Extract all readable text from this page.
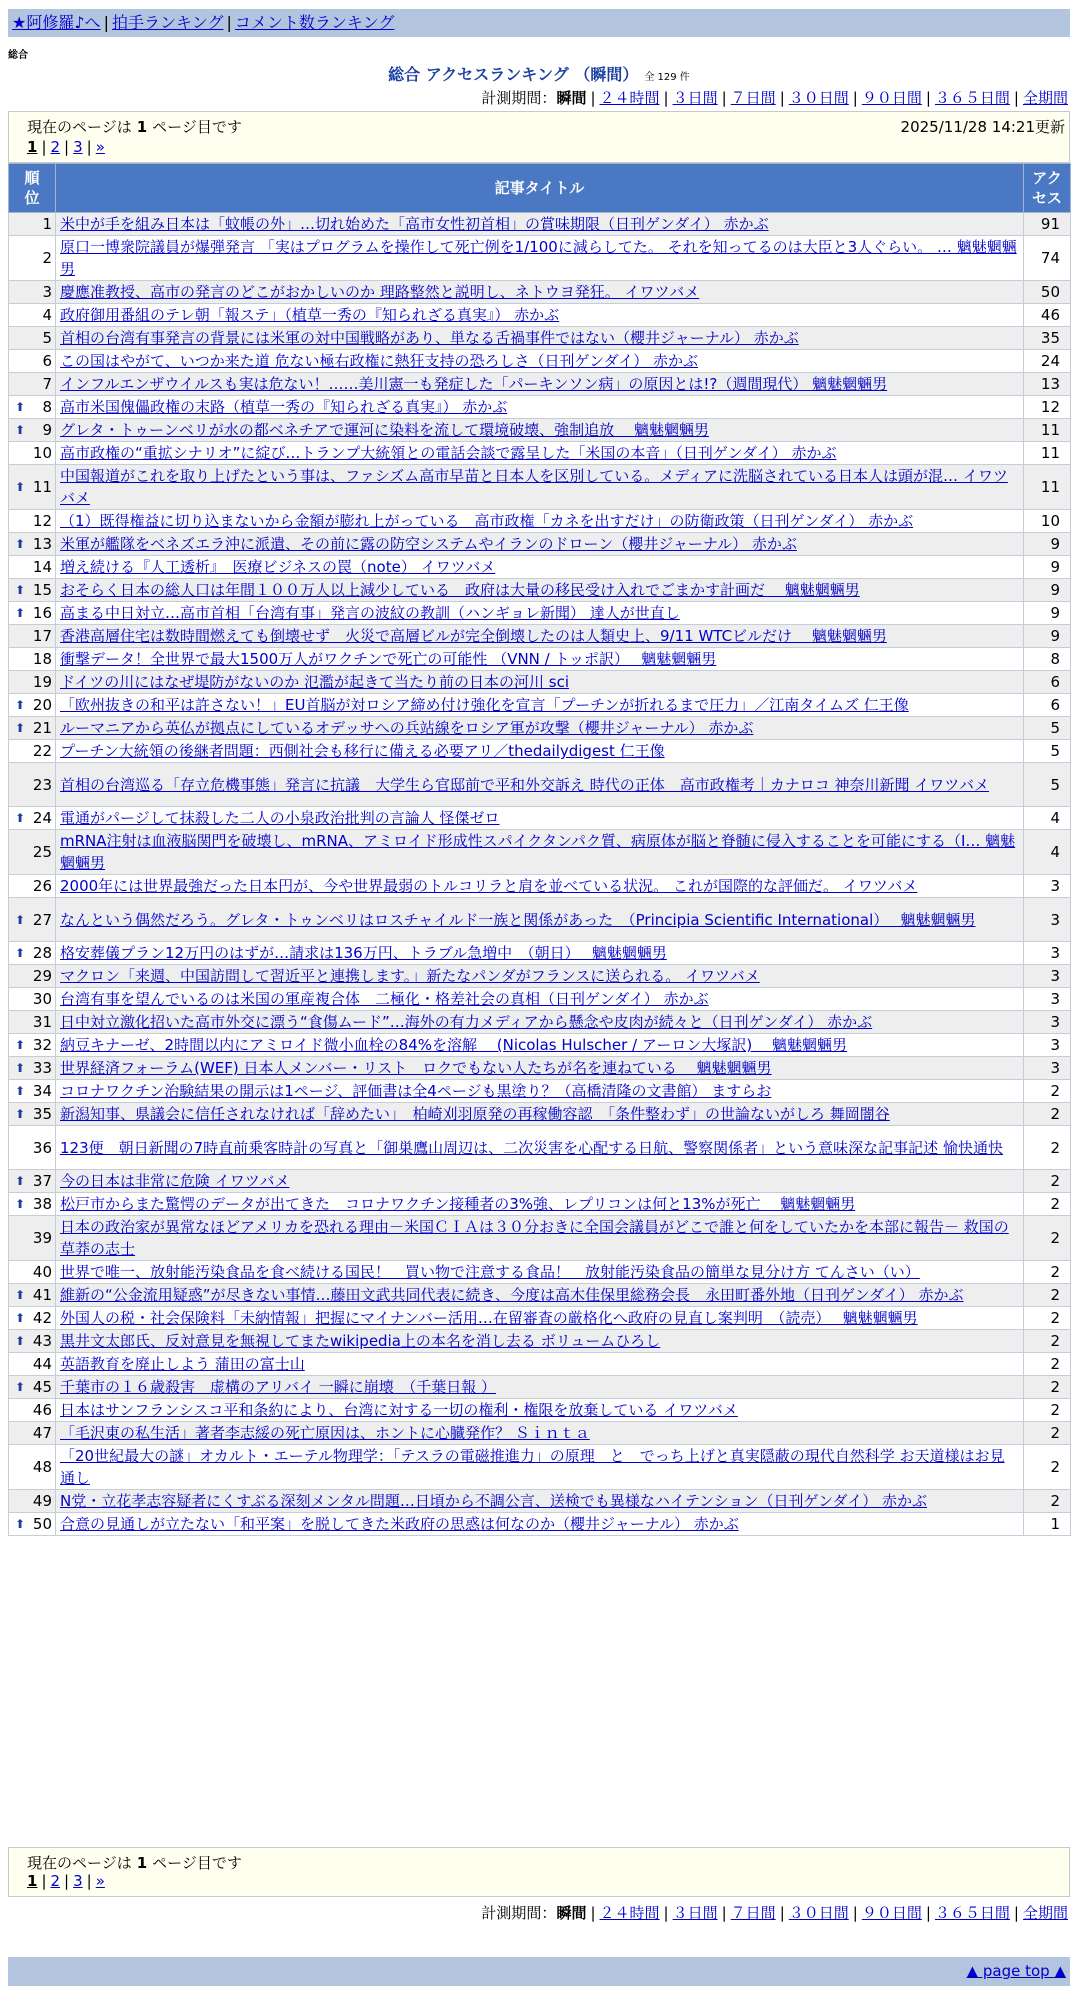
★阿修羅♪へ | 拍手ランキング | コメント数ランキング
総合
総合 アクセスランキング （瞬間） 全 129 件
計測期間：瞬間 | ２４時間 | ３日間 | ７日間 | ３０日間 | ９０日間 | ３６５日間 | 全期間
現在のページは 1 ページ目です	2025/11/28 14:21更新
1 | 2 | 3 | »
順位	記事タイトル	アクセス
1	米中が手を組み日本は「蚊帳の外」…切れ始めた「高市女性初首相」の賞味期限（日刊ゲンダイ） 赤かぶ	91
2	原口一博衆院議員が爆弾発言 「実はプログラムを操作して死亡例を1/100に減らしてた。 それを知ってるのは大臣と3人ぐらい。 … 魑魅魍魎男	74
3	慶應准教授、高市の発言のどこがおかしいのか 理路整然と説明し、ネトウヨ発狂。 イワツバメ	50
4	政府御用番組のテレ朝「報ステ」（植草一秀の『知られざる真実』） 赤かぶ	46
5	首相の台湾有事発言の背景には米軍の対中国戦略があり、単なる舌禍事件ではない（櫻井ジャーナル） 赤かぶ	35
6	この国はやがて、いつか来た道 危ない極右政権に熱狂支持の恐ろしさ（日刊ゲンダイ） 赤かぶ	24
7	インフルエンザウイルスも実は危ない！……美川憲一も発症した「パーキンソン病」の原因とは!?（週間現代） 魑魅魍魎男	13

⬆ 8	高市米国傀儡政権の末路（植草一秀の『知られざる真実』） 赤かぶ	12

⬆ 9	グレタ・トゥーンベリが水の都ベネチアで運河に染料を流して環境破壊、強制追放　 魑魅魍魎男	11
10	高市政権の“重拡シナリオ”に綻び…トランプ大統領との電話会談で露呈した「米国の本音」（日刊ゲンダイ） 赤かぶ	11

⬆ 11	中国報道がこれを取り上げたという事は、ファシズム高市早苗と日本人を区別している。メディアに洗脳されている日本人は頭が混… イワツバメ	11
12	（1）既得権益に切り込まないから金額が膨れ上がっている　高市政権「カネを出すだけ」の防衛政策（日刊ゲンダイ） 赤かぶ	10

⬆ 13	米軍が艦隊をベネズエラ沖に派遣、その前に露の防空システムやイランのドローン（櫻井ジャーナル） 赤かぶ	9
14	増え続ける『人工透析』　医療ビジネスの罠（note） イワツバメ	9

⬆ 15	おそらく日本の総人口は年間１００万人以上減少している　政府は大量の移民受け入れでごまかす計画だ　 魑魅魍魎男	9

⬆ 16	高まる中日対立…高市首相「台湾有事」発言の波紋の教訓（ハンギョレ新聞） 達人が世直し	9
17	香港高層住宅は数時間燃えても倒壊せず　火災で高層ビルが完全倒壊したのは人類史上、9/11 WTCビルだけ　 魑魅魍魎男	9
18	衝撃データ！全世界で最大1500万人がワクチンで死亡の可能性 （VNN / トッポ訳）　 魑魅魍魎男	8
19	ドイツの川にはなぜ堤防がないのか 氾濫が起きて当たり前の日本の河川 sci	6

⬆ 20	「欧州抜きの和平は許さない！」EU首脳が対ロシア締め付け強化を宣言「プーチンが折れるまで圧力」／江南タイムズ 仁王像	6

⬆ 21	ルーマニアから英仏が拠点にしているオデッサへの兵站線をロシア軍が攻撃（櫻井ジャーナル） 赤かぶ	5
22	プーチン大統領の後継者問題：西側社会も移行に備える必要アリ／thedailydigest 仁王像	5
23	首相の台湾巡る「存立危機事態」発言に抗議　大学生ら官邸前で平和外交訴え 時代の正体　高市政権考｜カナロコ 神奈川新聞 イワツバメ	5

⬆ 24	電通がパージして抹殺した二人の小泉政治批判の言論人 怪傑ゼロ	4
25	mRNA注射は血液脳関門を破壊し、mRNA、アミロイド形成性スパイクタンパク質、病原体が脳と脊髄に侵入することを可能にする（I… 魑魅魍魎男	4
26	2000年には世界最強だった日本円が、今や世界最弱のトルコリラと肩を並べている状況。 これが国際的な評価だ。 イワツバメ	3

⬆ 27	なんという偶然だろう。グレタ・トゥンベリはロスチャイルド一族と関係があった　（Principia Scientific International）　 魑魅魍魎男	3

⬆ 28	格安葬儀プラン12万円のはずが…請求は136万円、トラブル急増中　（朝日）　 魑魅魍魎男	3
29	マクロン「来週、中国訪問して習近平と連携します。」新たなパンダがフランスに送られる。 イワツバメ	3
30	台湾有事を望んでいるのは米国の軍産複合体　二極化・格差社会の真相（日刊ゲンダイ） 赤かぶ	3
31	日中対立激化招いた高市外交に漂う“食傷ムード”…海外の有力メディアから懸念や皮肉が続々と（日刊ゲンダイ） 赤かぶ	3

⬆ 32	納豆キナーゼ、2時間以内にアミロイド微小血栓の84%を溶解　 (Nicolas Hulscher / アーロン大塚訳)　 魑魅魍魎男	3

⬆ 33	世界経済フォーラム(WEF) 日本人メンバー・リスト　ロクでもない人たちが名を連ねている　 魑魅魍魎男	3

⬆ 34	コロナワクチン治験結果の開示は1ページ、評価書は全4ページも黒塗り？（高橋清隆の文書館） ますらお	2

⬆ 35	新潟知事、県議会に信任されなければ「辞めたい」　柏崎刈羽原発の再稼働容認　「条件整わず」の世論ないがしろ 舞岡闇谷	2
36	123便　朝日新聞の7時直前乗客時計の写真と「御巣鷹山周辺は、二次災害を心配する日航、警察関係者」という意味深な記事記述 愉快通快	2

⬆ 37	今の日本は非常に危険 イワツバメ	2

⬆ 38	松戸市からまた驚愕のデータが出てきた　コロナワクチン接種者の3%強、レプリコンは何と13%が死亡　 魑魅魍魎男	2
39	日本の政治家が異常なほどアメリカを恐れる理由－米国ＣＩＡは３０分おきに全国会議員がどこで誰と何をしていたかを本部に報告－ 救国の草莽の志士	2
40	世界で唯一、放射能汚染食品を食べ続ける国民！　買い物で注意する食品！　放射能汚染食品の簡単な見分け方 てんさい（い）	2

⬆ 41	維新の“公金流用疑惑”が尽きない事情…藤田文武共同代表に続き、今度は高木佳保里総務会長　永田町番外地（日刊ゲンダイ） 赤かぶ	2

⬆ 42	外国人の税・社会保険料「未納情報」把握にマイナンバー活用…在留審査の厳格化へ政府の見直し案判明　（読売）　 魑魅魍魎男	2

⬆ 43	黒井文太郎氏、反対意見を無視してまたwikipedia上の本名を消し去る ボリュームひろし	2
44	英語教育を廃止しよう 蒲田の富士山	2

⬆ 45	千葉市の１６歳殺害　虚構のアリバイ 一瞬に崩壊　（千葉日報 ）	2
46	日本はサンフランシスコ平和条約により、台湾に対する一切の権利・権限を放棄している イワツバメ	2
47	「毛沢東の私生活」著者李志綏の死亡原因は、ホントに心臓発作？ Ｓｉｎｔａ	2
48	「20世紀最大の謎」オカルト・エーテル物理学：「テスラの電磁推進力」の原理　と　でっち上げと真実隠蔽の現代自然科学 お天道様はお見通し	2
49	N党・立花孝志容疑者にくすぶる深刻メンタル問題…日頃から不調公言、送検でも異様なハイテンション（日刊ゲンダイ） 赤かぶ	2

⬆ 50	合意の見通しが立たない「和平案」を脱してきた米政府の思惑は何なのか（櫻井ジャーナル） 赤かぶ	1
現在のページは 1 ページ目です
1 | 2 | 3 | »
計測期間：瞬間 | ２４時間 | ３日間 | ７日間 | ３０日間 | ９０日間 | ３６５日間 | 全期間
▲ page top ▲
